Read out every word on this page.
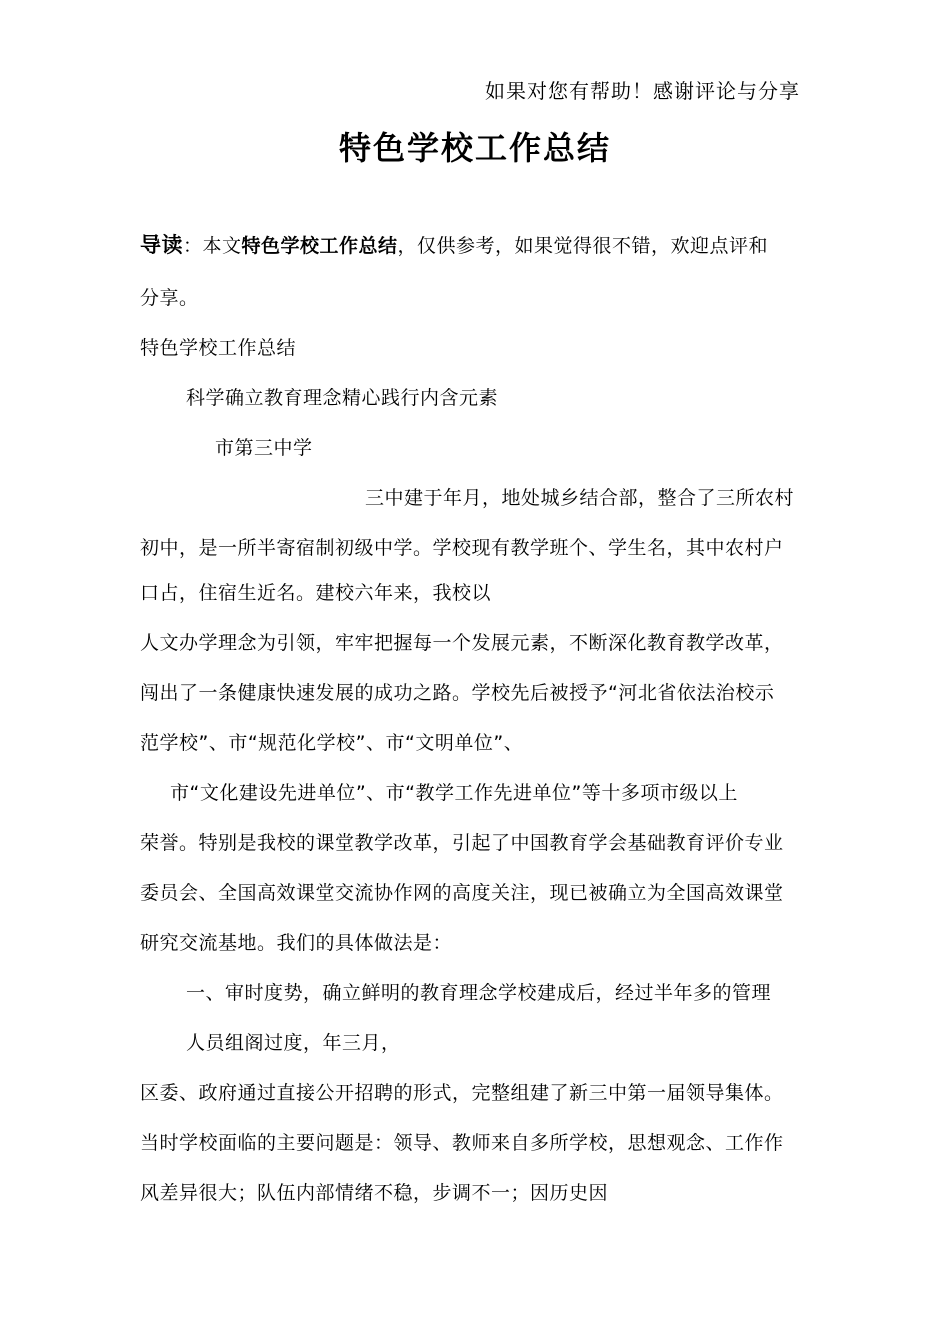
如果对您有帮助！感谢评论与分享
特色学校工作总结
导读：本文特色学校工作总结，仅供参考，如果觉得很不错，欢迎点评和
分享。
特色学校工作总结
科学确立教育理念精心践行内含元素
市第三中学
三中建于年月，地处城乡结合部，整合了三所农村
初中，是一所半寄宿制初级中学。学校现有教学班个、学生名，其中农村户
口占，住宿生近名。建校六年来，我校以
人文办学理念为引领，牢牢把握每一个发展元素，不断深化教育教学改革，
闯出了一条健康快速发展的成功之路。学校先后被授予“河北省依法治校示
范学校”、市“规范化学校”、市“文明单位”、
市“文化建设先进单位”、市“教学工作先进单位”等十多项市级以上
荣誉。特别是我校的课堂教学改革，引起了中国教育学会基础教育评价专业
委员会、全国高效课堂交流协作网的高度关注，现已被确立为全国高效课堂
研究交流基地。我们的具体做法是：
一、审时度势，确立鲜明的教育理念学校建成后，经过半年多的管理
人员组阁过度，年三月，
区委、政府通过直接公开招聘的形式，完整组建了新三中第一届领导集体。
当时学校面临的主要问题是：领导、教师来自多所学校，思想观念、工作作
风差异很大；队伍内部情绪不稳，步调不一；因历史因
